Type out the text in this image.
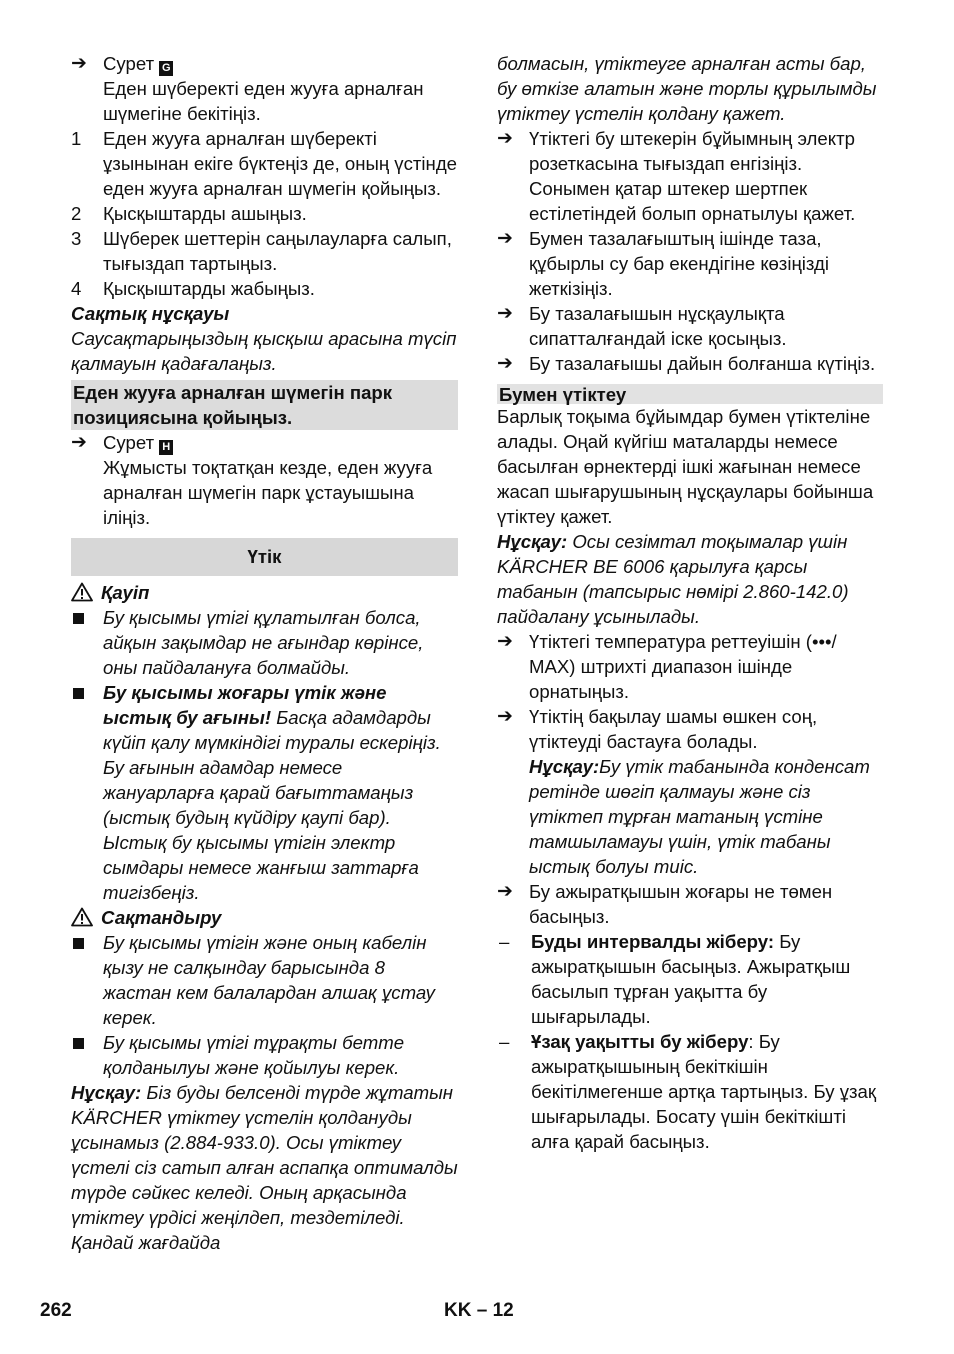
➔ Сурет G
Еден шүберекті еден жууға арналған шүмегіне бекітіңіз.
1	Еден жууға арналған шүберекті ұзынынан екіге бүктеңіз де, оның үстінде еден жууға арналған шүмегін қойыңыз.
2	Қысқыштарды ашыңыз.
3	Шүберек шеттерін саңылауларға салып, тығыздап тартыңыз.
4	Қысқыштарды жабыңыз.
Сақтық нұсқауы
Саусақтарыңыздың қысқыш арасына түсіп қалмауын қадағалаңыз.
Еден жууға арналған шүмегін парк позициясына қойыңыз.
➔ Сурет H
Жұмысты тоқтатқан кезде, еден жууға арналған шүмегін парк ұстауышына іліңіз.
Үтік
Қауіп
Бу қысымы үтігі құлатылған болса, айқын зақымдар не ағындар көрінсе, оны пайдалануға болмайды.
Бу қысымы жоғары үтік және ыстық бу ағыны! Басқа адамдарды күйіп қалу мүмкіндігі туралы ескеріңіз. Бу ағынын адамдар немесе жануарларға қарай бағыттамаңыз (ыстық будың күйдіру қаупі бар). Ыстық бу қысымы үтігін электр сымдары немесе жанғыш заттарға тигізбеңіз.
Сақтандыру
Бу қысымы үтігін және оның кабелін қызу не салқындау барысында 8 жастан кем балалардан алшақ ұстау керек.
Бу қысымы үтігі тұрақты бетте қолданылуы және қойылуы керек.
Нұсқау: Біз буды белсенді түрде жұтатын KÄRCHER үтіктеу үстелін қолдануды ұсынамыз (2.884-933.0). Осы үтіктеу үстелі сіз сатып алған аспапқа оптималды түрде сәйкес келеді. Оның арқасында үтіктеу үрдісі жеңілдеп, тездетіледі. Қандай жағдайда
болмасын, үтіктеуге арналған асты бар, бу өткізе алатын және торлы құрылымды үтіктеу үстелін қолдану қажет.
➔ Үтіктегі бу штекерін бұйымның электр розеткасына тығыздап енгізіңіз. Сонымен қатар штекер шертпек естілетіндей болып орнатылуы қажет.
➔ Бумен тазалағыштың ішінде таза, құбырлы су бар екендігіне көзіңізді жеткізіңіз.
➔ Бу тазалағышын нұсқаулықта сипатталғандай іске қосыңыз.
➔ Бу тазалағышы дайын болғанша күтіңіз.
Бумен үтіктеу
Барлық тоқыма бұйымдар бумен үтіктеліне алады. Оңай күйгіш маталарды немесе басылған өрнектерді ішкі жағынан немесе жасап шығарушының нұсқаулары бойынша үтіктеу қажет.
Нұсқау: Осы сезімтал тоқымалар үшін KÄRCHER BE 6006 қарылуға қарсы табанын (тапсырыс нөмірі 2.860-142.0) пайдалану ұсынылады.
➔ Үтіктегі температура реттеуішін (•••/ MAX) штрихті диапазон ішінде орнатыңыз.
➔ Үтіктің бақылау шамы өшкен соң, үтіктеуді бастауға болады.
Нұсқау:Бу үтік табанында конденсат ретінде шөгіп қалмауы және сіз үтіктеп тұрған матаның үстіне тамшыламауы үшін, үтік табаны ыстық болуы тиіс.
➔ Бу ажыратқышын жоғары не төмен басыңыз.
–	Буды интервалды жіберу: Бу ажыратқышын басыңыз. Ажыратқыш басылып тұрған уақытта бу шығарылады.
–	Ұзақ уақытты бу жіберу: Бу ажыратқышының бекіткішін бекітілмегенше артқа тартыңыз. Бу ұзақ шығарылады. Босату үшін бекіткішті алға қарай басыңыз.
262	KK – 12
